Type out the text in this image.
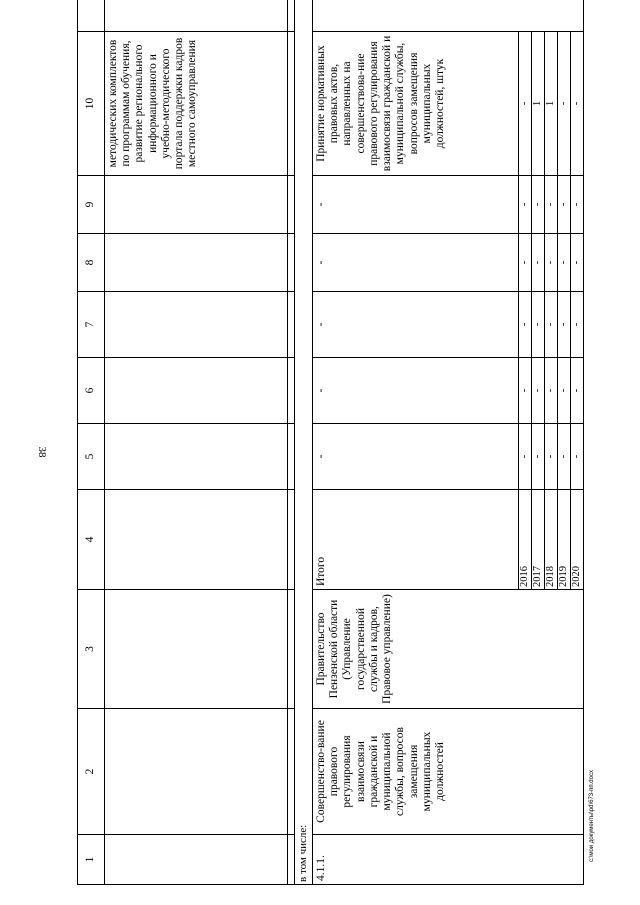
38
c:\мои документы\pd\673-пп.docx
1	2	3	4	5	6	7	8	9	10	
									методических комплектов по программам обучения, развитие регионального информационного и учебно-методического портала поддержки кадров местного самоуправления	

в том числе:										
4.1.1.	Совершенство-вание правового регулирования взаимосвязи гражданской и муниципальной службы, вопросов замещения муниципальных должностей	Правительство Пензенской области (Управление государственной службы и кадров, Правовое управление)	Итого	-	-	-	-	-	Принятие нормативных правовых актов, направленных на совершенствова-ние правового регулирования взаимосвязи гражданской и муниципальной службы, вопросов замещения муниципальных должностей, штук	
			2016	-	-	-	-	-	-	
			2017	-	-	-	-	-	1	
			2018	-	-	-	-	-	1	
			2019	-	-	-	-	-	-	
			2020	-	-	-	-	-	-	
